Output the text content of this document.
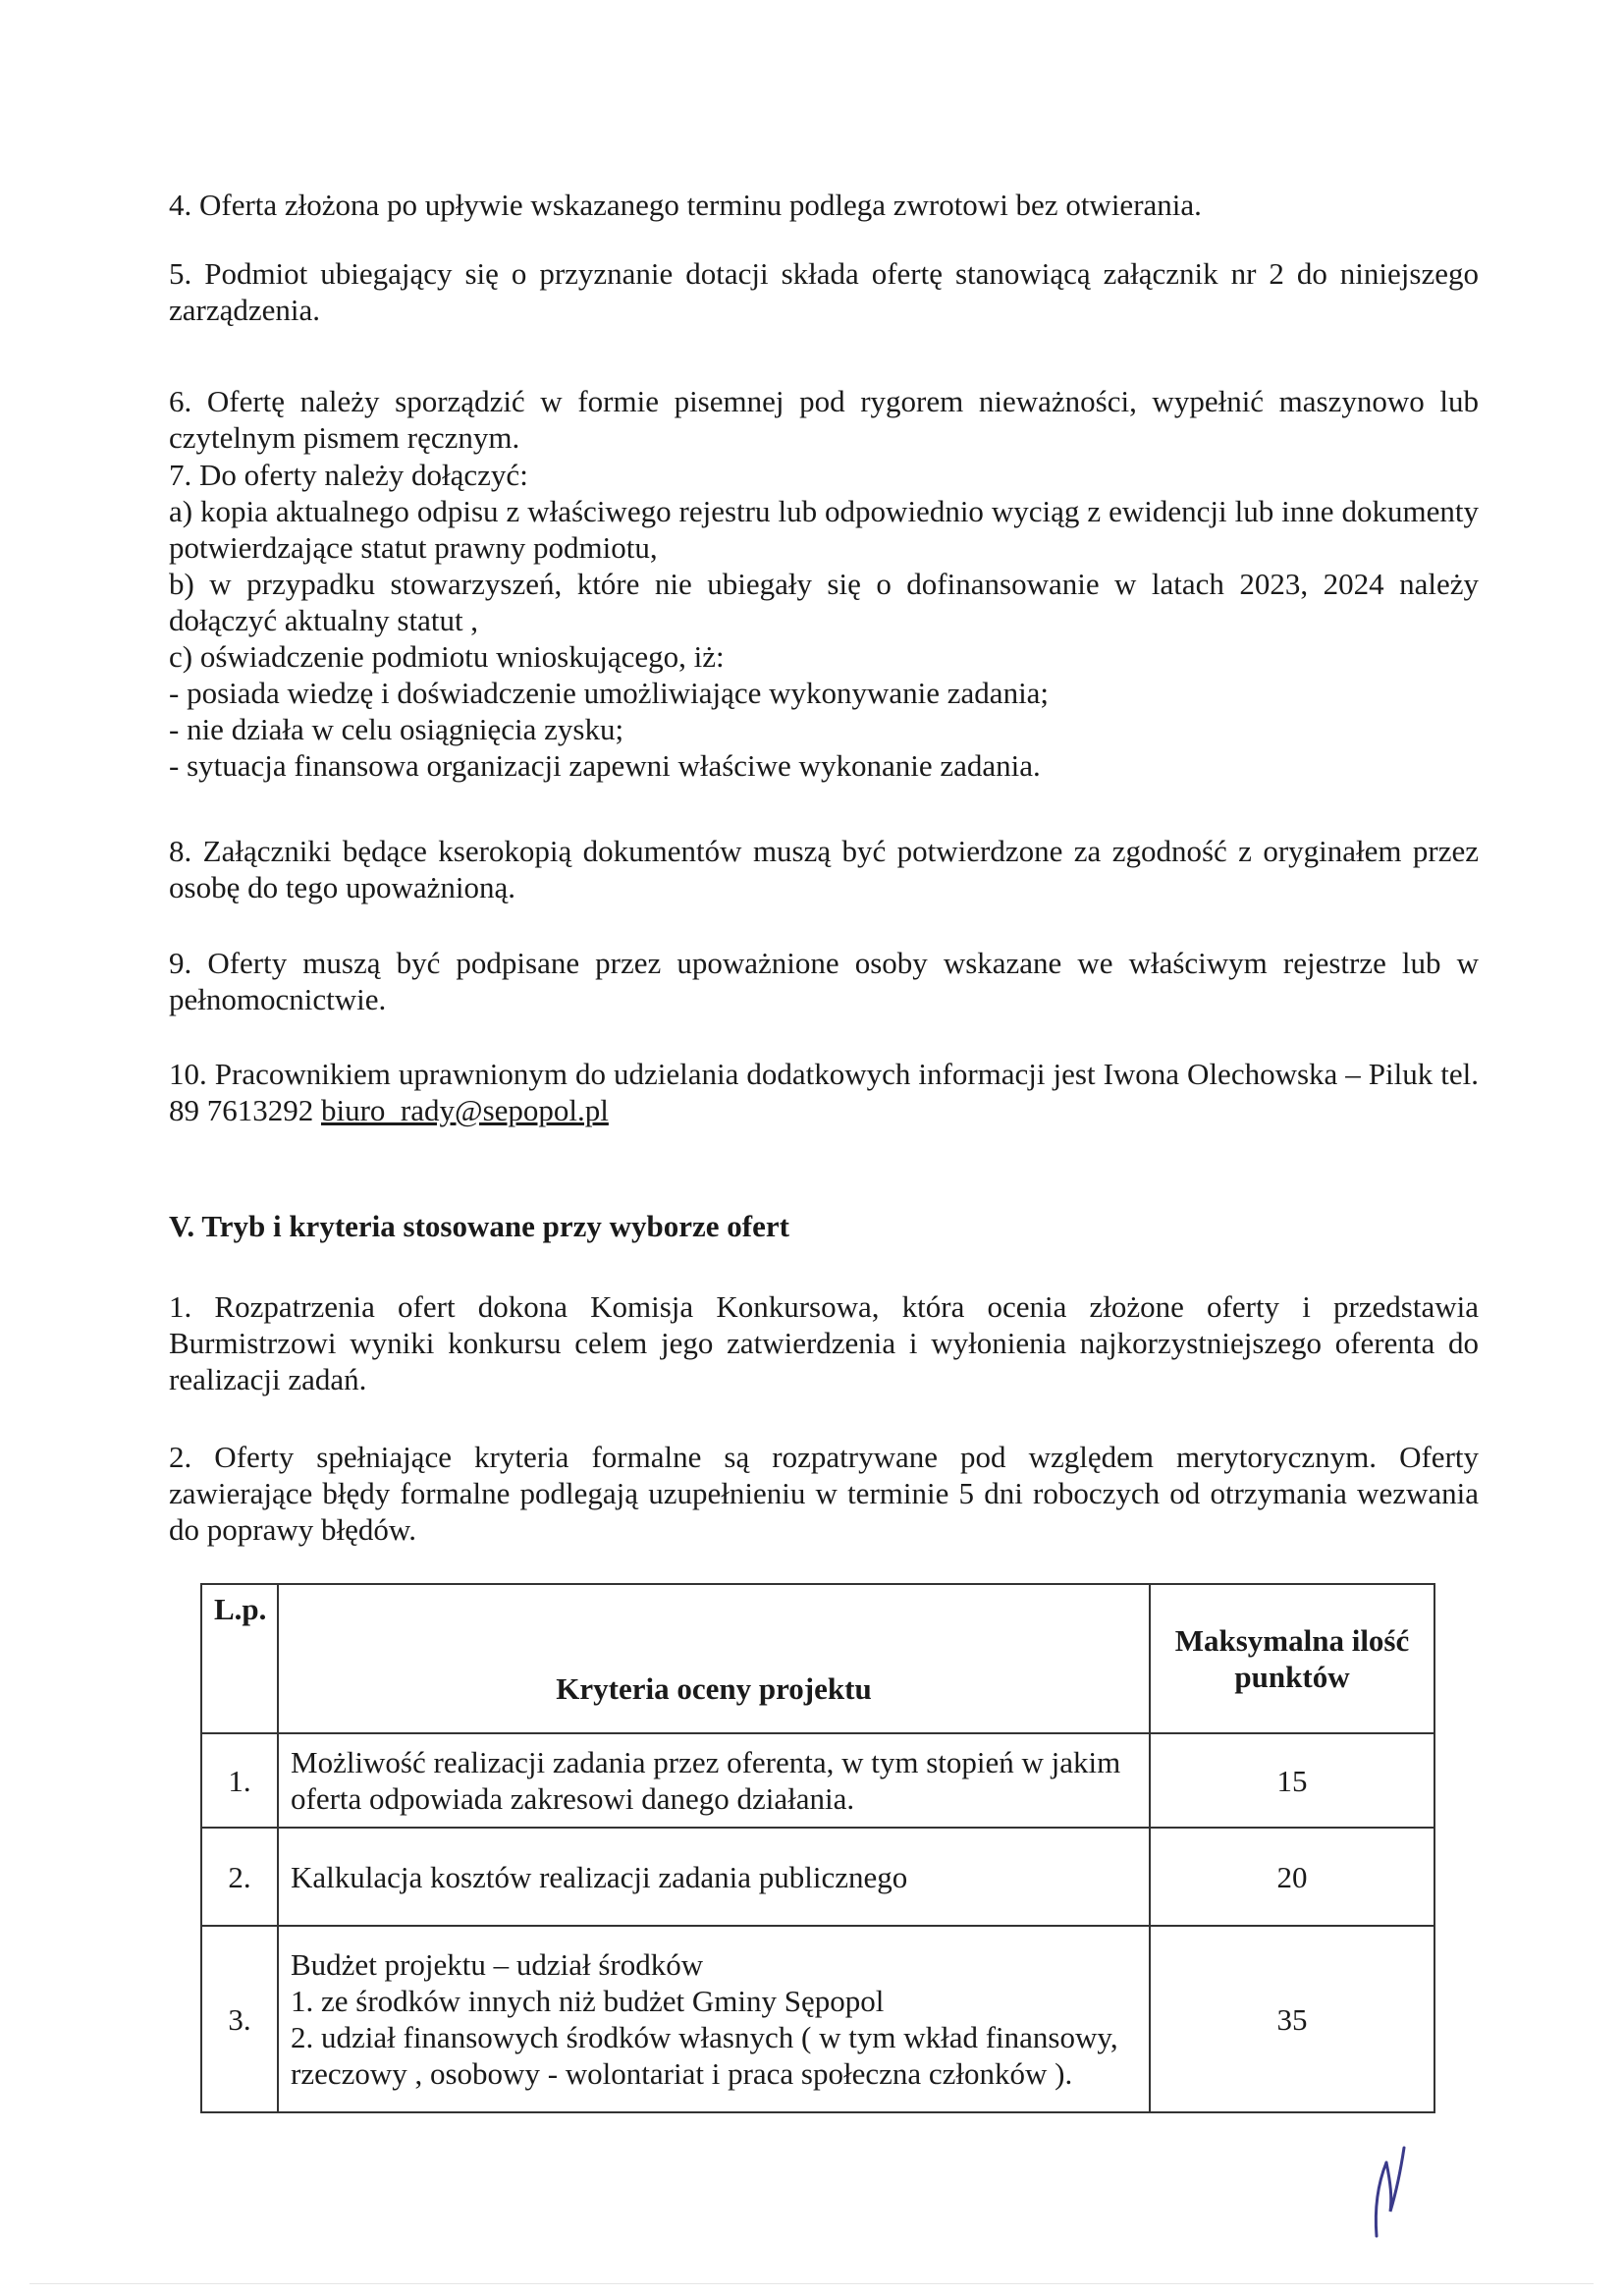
4. Oferta złożona po upływie wskazanego terminu podlega zwrotowi bez otwierania.

5. Podmiot ubiegający się o przyznanie dotacji składa ofertę stanowiącą załącznik nr 2 do niniejszego zarządzenia.

6. Ofertę należy sporządzić w formie pisemnej pod rygorem nieważności, wypełnić maszynowo lub czytelnym pismem ręcznym.

7. Do oferty należy dołączyć:

a) kopia aktualnego odpisu z właściwego rejestru lub odpowiednio wyciąg z ewidencji lub inne dokumenty potwierdzające statut prawny podmiotu,

b) w przypadku stowarzyszeń, które nie ubiegały się o dofinansowanie w latach 2023, 2024 należy dołączyć aktualny statut ,

c) oświadczenie podmiotu wnioskującego, iż:

- posiada wiedzę i doświadczenie umożliwiające wykonywanie zadania;

- nie działa w celu osiągnięcia zysku;

- sytuacja finansowa organizacji zapewni właściwe wykonanie zadania.

8. Załączniki będące kserokopią dokumentów muszą być potwierdzone za zgodność z oryginałem przez osobę do tego upoważnioną.

9. Oferty muszą być podpisane przez upoważnione osoby wskazane we właściwym rejestrze lub w pełnomocnictwie.

10. Pracownikiem uprawnionym do udzielania dodatkowych informacji jest Iwona Olechowska – Piluk tel. 89 7613292 biuro_rady@sepopol.pl

V. Tryb i kryteria stosowane przy wyborze ofert

1. Rozpatrzenia ofert dokona Komisja Konkursowa, która ocenia złożone oferty i przedstawia Burmistrzowi wyniki konkursu celem jego zatwierdzenia i wyłonienia najkorzystniejszego oferenta do realizacji zadań.

2. Oferty spełniające kryteria formalne są rozpatrywane pod względem merytorycznym. Oferty zawierające błędy formalne podlegają uzupełnieniu w terminie 5 dni roboczych od otrzymania wezwania do poprawy błędów.

L.p.	Kryteria oceny projektu	Maksymalna ilość punktów
1.	Możliwość realizacji zadania przez oferenta, w tym stopień w jakim oferta odpowiada zakresowi danego działania.	15
2.	Kalkulacja kosztów realizacji zadania publicznego	20
3.	Budżet projektu – udział środków
1. ze środków innych niż budżet Gminy Sępopol
2. udział finansowych środków własnych ( w tym wkład finansowy, rzeczowy , osobowy - wolontariat i praca społeczna członków ).	35
